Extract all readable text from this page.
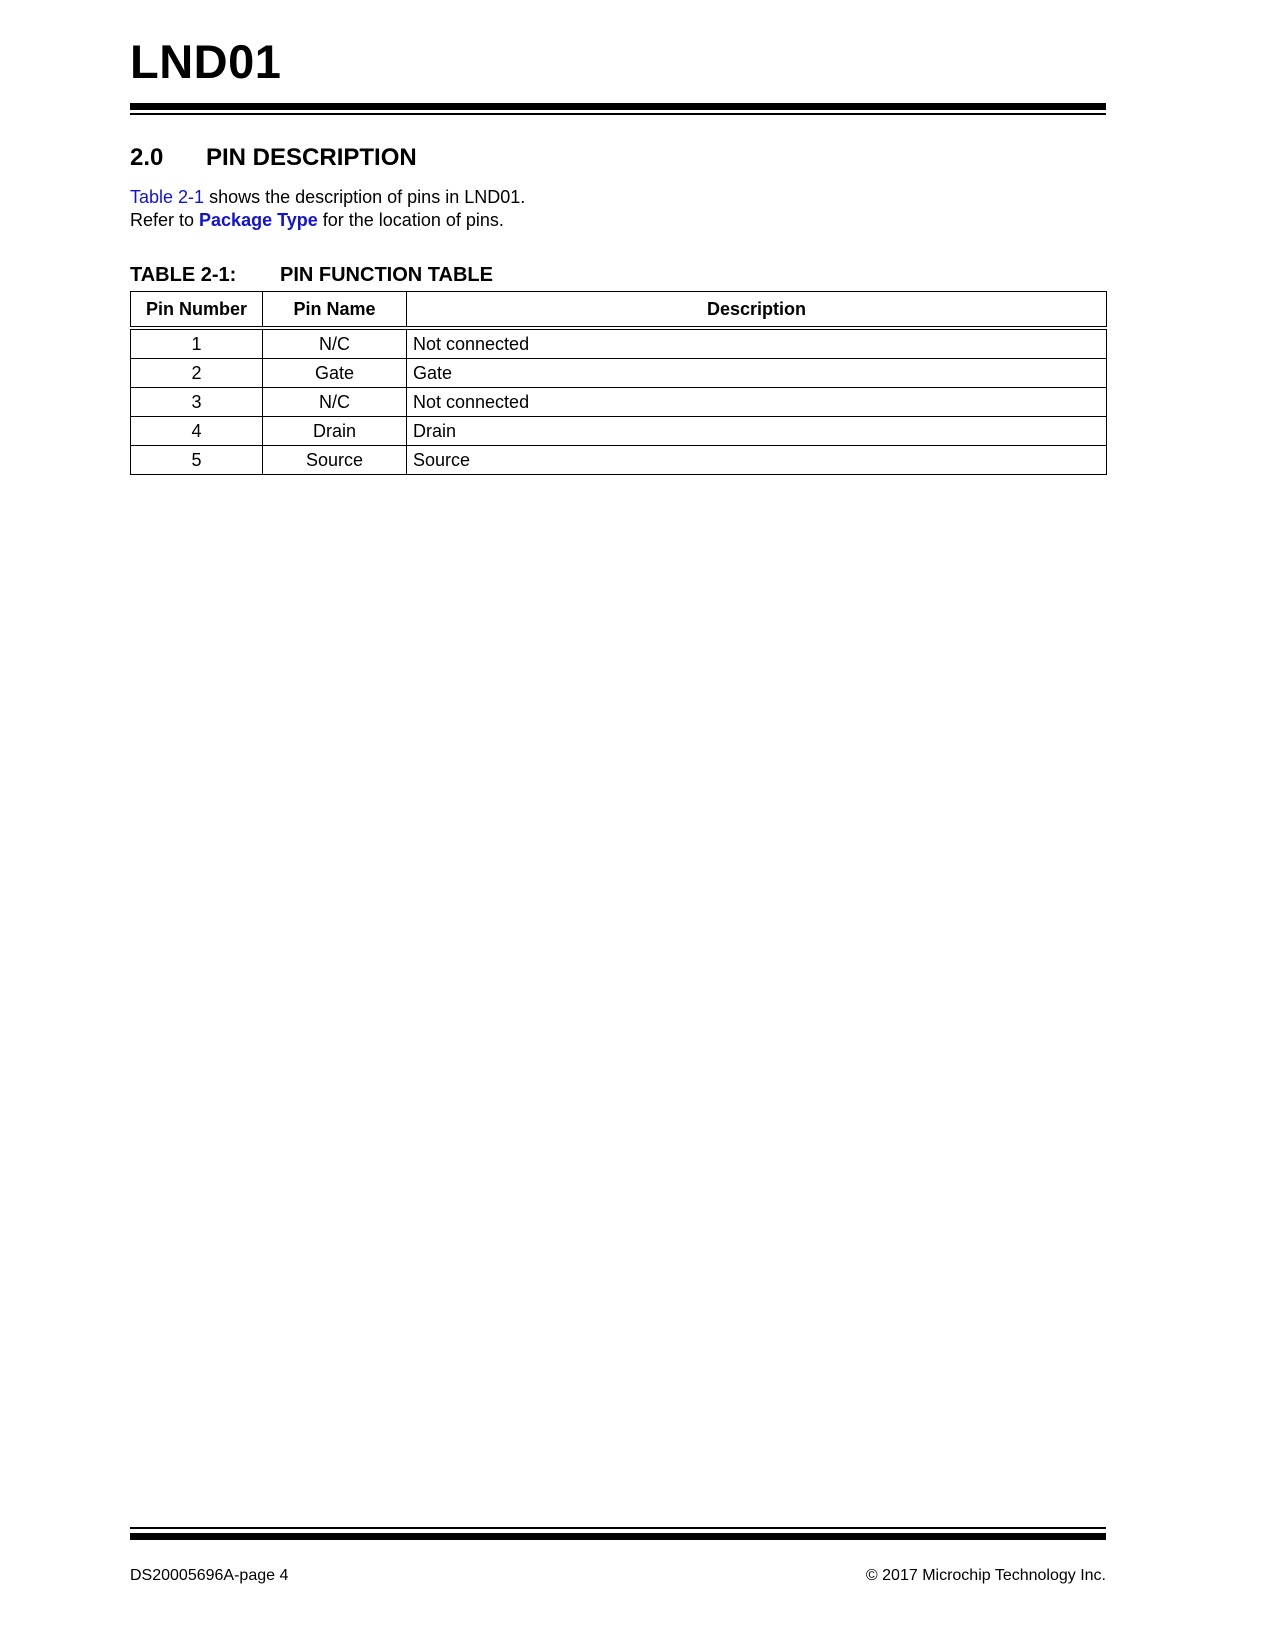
LND01
2.0 PIN DESCRIPTION
Table 2-1 shows the description of pins in LND01.
Refer to Package Type for the location of pins.
TABLE 2-1: PIN FUNCTION TABLE
Pin Number	Pin Name	Description
1	N/C	Not connected
2	Gate	Gate
3	N/C	Not connected
4	Drain	Drain
5	Source	Source
DS20005696A-page 4	© 2017 Microchip Technology Inc.
